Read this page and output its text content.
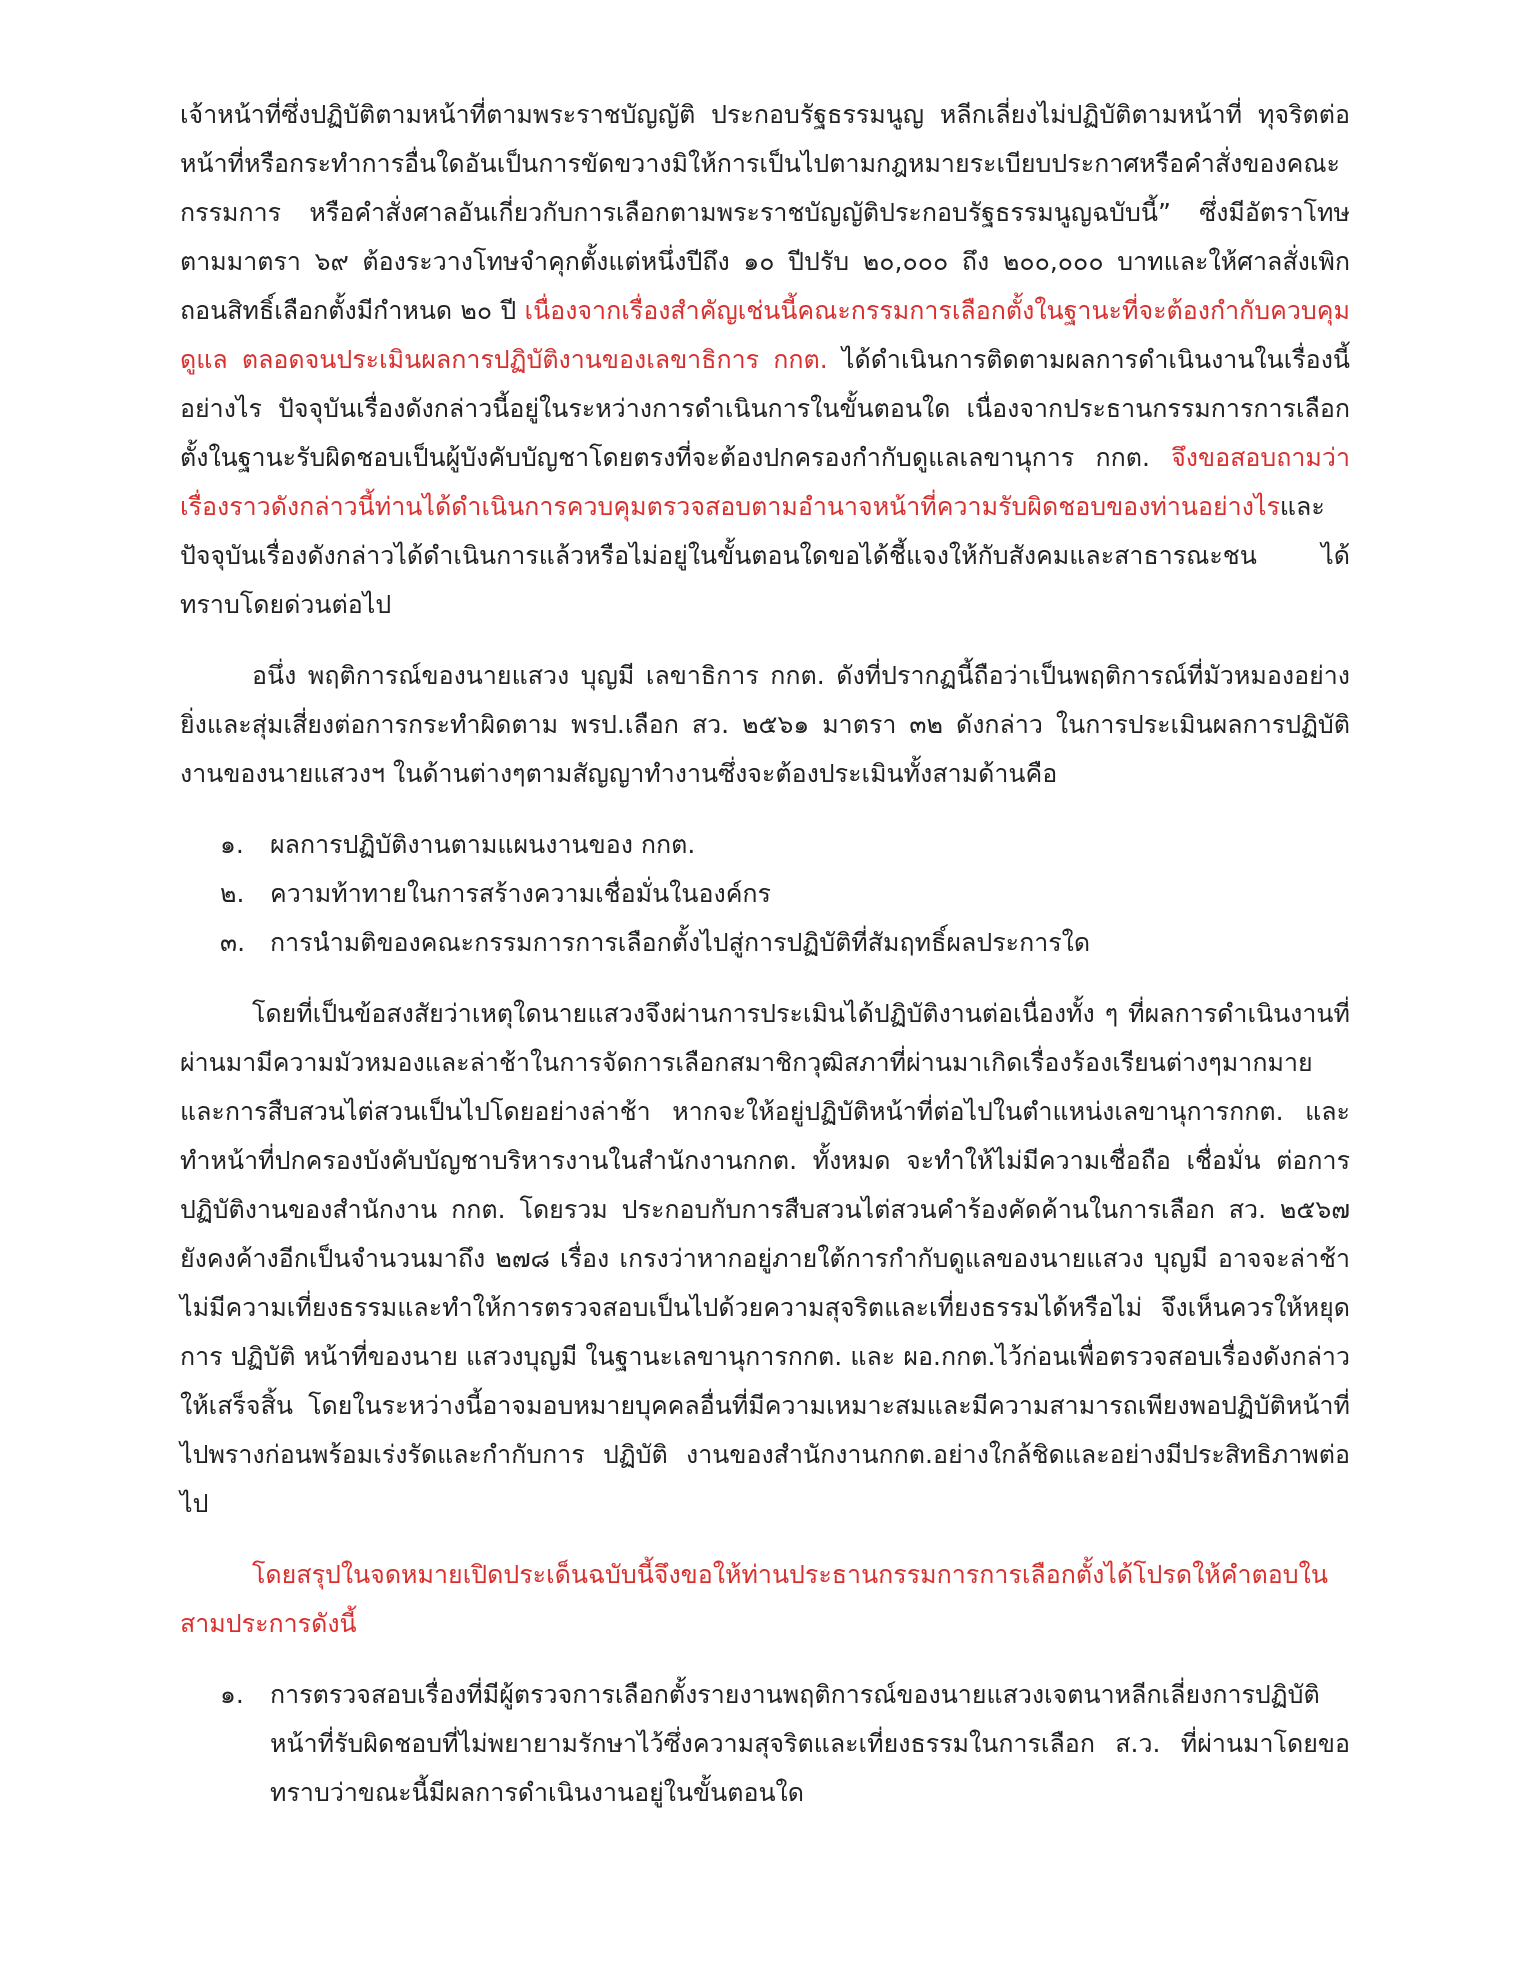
เจ้าหน้าที่ซึ่งปฏิบัติตามหน้าที่ตามพระราชบัญญัติ ประกอบรัฐธรรมนูญ หลีกเลี่ยงไม่ปฏิบัติตามหน้าที่ ทุจริตต่อหน้าที่หรือกระทำการอื่นใดอันเป็นการขัดขวางมิให้การเป็นไปตามกฎหมายระเบียบประกาศหรือคำสั่งของคณะกรรมการ หรือคำสั่งศาลอันเกี่ยวกับการเลือกตามพระราชบัญญัติประกอบรัฐธรรมนูญฉบับนี้” ซึ่งมีอัตราโทษตามมาตรา ๖๙ ต้องระวางโทษจำคุกตั้งแต่หนึ่งปีถึง ๑๐ ปีปรับ ๒๐,๐๐๐ ถึง ๒๐๐,๐๐๐ บาทและให้ศาลสั่งเพิกถอนสิทธิ์เลือกตั้งมีกำหนด ๒๐ ปี เนื่องจากเรื่องสำคัญเช่นนี้คณะกรรมการเลือกตั้งในฐานะที่จะต้องกำกับควบคุมดูแล ตลอดจนประเมินผลการปฏิบัติงานของเลขาธิการ กกต. ได้ดำเนินการติดตามผลการดำเนินงานในเรื่องนี้อย่างไร ปัจจุบันเรื่องดังกล่าวนี้อยู่ในระหว่างการดำเนินการในขั้นตอนใด เนื่องจากประธานกรรมการการเลือกตั้งในฐานะรับผิดชอบเป็นผู้บังคับบัญชาโดยตรงที่จะต้องปกครองกำกับดูแลเลขานุการ กกต. จึงขอสอบถามว่าเรื่องราวดังกล่าวนี้ท่านได้ดำเนินการควบคุมตรวจสอบตามอำนาจหน้าที่ความรับผิดชอบของท่านอย่างไรและปัจจุบันเรื่องดังกล่าวได้ดำเนินการแล้วหรือไม่อยู่ในขั้นตอนใดขอได้ชี้แจงให้กับสังคมและสาธารณะชน ได้ทราบโดยด่วนต่อไป

อนึ่ง พฤติการณ์ของนายแสวง บุญมี เลขาธิการ กกต. ดังที่ปรากฏนี้ถือว่าเป็นพฤติการณ์ที่มัวหมองอย่างยิ่งและสุ่มเสี่ยงต่อการกระทำผิดตาม พรป.เลือก สว. ๒๕๖๑ มาตรา ๓๒ ดังกล่าว ในการประเมินผลการปฏิบัติงานของนายแสวงฯ ในด้านต่างๆตามสัญญาทำงานซึ่งจะต้องประเมินทั้งสามด้านคือ

๑. ผลการปฏิบัติงานตามแผนงานของ กกต.
๒. ความท้าทายในการสร้างความเชื่อมั่นในองค์กร
๓. การนำมติของคณะกรรมการการเลือกตั้งไปสู่การปฏิบัติที่สัมฤทธิ์ผลประการใด

โดยที่เป็นข้อสงสัยว่าเหตุใดนายแสวงจึงผ่านการประเมินได้ปฏิบัติงานต่อเนื่องทั้ง ๆ ที่ผลการดำเนินงานที่ผ่านมามีความมัวหมองและล่าช้าในการจัดการเลือกสมาชิกวุฒิสภาที่ผ่านมาเกิดเรื่องร้องเรียนต่างๆมากมายและการสืบสวนไต่สวนเป็นไปโดยอย่างล่าช้า หากจะให้อยู่ปฏิบัติหน้าที่ต่อไปในตำแหน่งเลขานุการกกต. และทำหน้าที่ปกครองบังคับบัญชาบริหารงานในสำนักงานกกต. ทั้งหมด จะทำให้ไม่มีความเชื่อถือ เชื่อมั่น ต่อการปฏิบัติงานของสำนักงาน กกต. โดยรวม ประกอบกับการสืบสวนไต่สวนคำร้องคัดค้านในการเลือก สว. ๒๕๖๗ ยังคงค้างอีกเป็นจำนวนมาถึง ๒๗๘ เรื่อง เกรงว่าหากอยู่ภายใต้การกำกับดูแลของนายแสวง บุญมี อาจจะล่าช้าไม่มีความเที่ยงธรรมและทำให้การตรวจสอบเป็นไปด้วยความสุจริตและเที่ยงธรรมได้หรือไม่ จึงเห็นควรให้หยุดการ ปฏิบัติ หน้าที่ของนาย แสวงบุญมี ในฐานะเลขานุการกกต. และ ผอ.กกต.ไว้ก่อนเพื่อตรวจสอบเรื่องดังกล่าวให้เสร็จสิ้น โดยในระหว่างนี้อาจมอบหมายบุคคลอื่นที่มีความเหมาะสมและมีความสามารถเพียงพอปฏิบัติหน้าที่ไปพรางก่อนพร้อมเร่งรัดและกำกับการ ปฏิบัติ งานของสำนักงานกกต.อย่างใกล้ชิดและอย่างมีประสิทธิภาพต่อไป

โดยสรุปในจดหมายเปิดประเด็นฉบับนี้จึงขอให้ท่านประธานกรรมการการเลือกตั้งได้โปรดให้คำตอบในสามประการดังนี้

๑. การตรวจสอบเรื่องที่มีผู้ตรวจการเลือกตั้งรายงานพฤติการณ์ของนายแสวงเจตนาหลีกเลี่ยงการปฏิบัติหน้าที่รับผิดชอบที่ไม่พยายามรักษาไว้ซึ่งความสุจริตและเที่ยงธรรมในการเลือก ส.ว. ที่ผ่านมาโดยขอทราบว่าขณะนี้มีผลการดำเนินงานอยู่ในขั้นตอนใด
